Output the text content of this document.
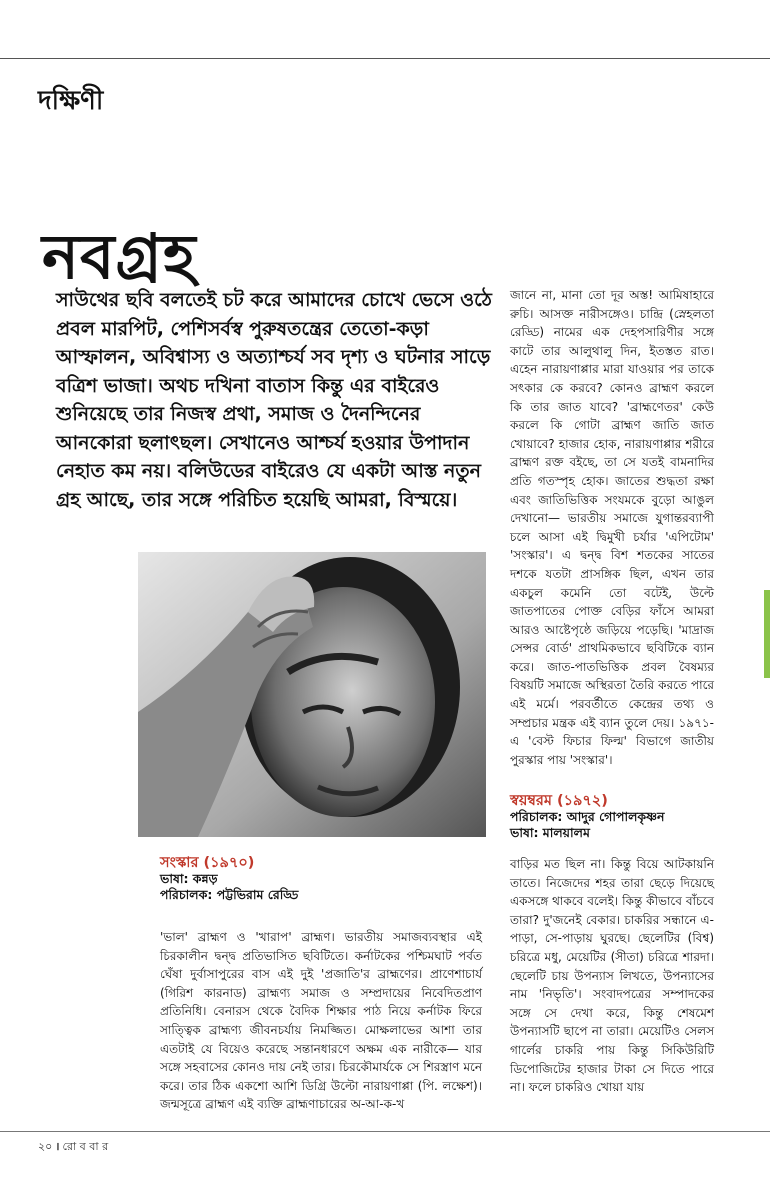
দক্ষিণী
নবগ্রহ

সাউথের ছবি বলতেই চট করে আমাদের চোখে ভেসে ওঠে প্রবল মারপিট, পেশিসর্বস্ব পুরুষতন্ত্রের তেতো-কড়া আস্ফালন, অবিশ্বাস্য ও অত্যাশ্চর্য সব দৃশ্য ও ঘটনার সাড়ে বত্রিশ ভাজা। অথচ দখিনা বাতাস কিন্তু এর বাইরেও শুনিয়েছে তার নিজস্ব প্রথা, সমাজ ও দৈনন্দিনের আনকোরা ছলাৎছল। সেখানেও আশ্চর্য হওয়ার উপাদান নেহাত কম নয়। বলিউডের বাইরেও যে একটা আস্ত নতুন গ্রহ আছে, তার সঙ্গে পরিচিত হয়েছি আমরা, বিস্ময়ে।

জানে না, মানা তো দূর অস্ত! আমিষাহারে রুচি। আসক্ত নারীসঙ্গেও। চান্দ্রি (স্নেহলতা রেড্ডি) নামের এক দেহপসারিণীর সঙ্গে কাটে তার আলুথালু দিন, ইতস্তত রাত। এহেন নারায়ণাপ্পার মারা যাওয়ার পর তাকে সৎকার কে করবে? কোনও ব্রাহ্মণ করলে কি তার জাত যাবে? 'ব্রাহ্মণেতর' কেউ করলে কি গোটা ব্রাহ্মণ জাতি জাত খোয়াবে? হাজার হোক, নারায়ণাপ্পার শরীরে ব্রাহ্মণ রক্ত বইছে, তা সে যতই বামনাদির প্রতি গতস্পৃহ হোক। জাতের শুদ্ধতা রক্ষা এবং জাতিভিত্তিক সংযমকে বুড়ো আঙুল দেখানো— ভারতীয় সমাজে যুগান্তরব্যাপী চলে আসা এই দ্বিমুখী চর্যার 'এপিটোম' 'সংস্কার'। এ দ্বন্দ্ব বিশ শতকের সাতের দশকে যতটা প্রাসঙ্গিক ছিল, এখন তার একচুল কমেনি তো বটেই, উল্টে জাতপাতের পোক্ত বেড়ির ফাঁসে আমরা আরও আষ্টেপৃষ্ঠে জড়িয়ে পড়েছি। 'মাদ্রাজ সেন্সর বোর্ড' প্রাথমিকভাবে ছবিটিকে ব্যান করে। জাত-পাতভিত্তিক প্রবল বৈষম্যর বিষয়টি সমাজে অস্থিরতা তৈরি করতে পারে এই মর্মে। পরবর্তীতে কেন্দ্রের তথ্য ও সম্প্রচার মন্ত্রক এই ব্যান তুলে দেয়। ১৯৭১-এ 'বেস্ট ফিচার ফিল্ম' বিভাগে জাতীয় পুরস্কার পায় 'সংস্কার'।

সংস্কার (১৯৭০)
ভাষা: কন্নড়
পরিচালক: পট্টভিরাম রেড্ডি
স্বয়ম্বরম (১৯৭২)
পরিচালক: আদুর গোপালকৃষ্ণন
ভাষা: মালয়ালম

'ভাল' ব্রাহ্মণ ও 'খারাপ' ব্রাহ্মণ। ভারতীয় সমাজব্যবস্থার এই চিরকালীন দ্বন্দ্ব প্রতিভাসিত ছবিটিতে। কর্নাটকের পশ্চিমঘাট পর্বত ঘেঁষা দুর্বাসাপুরের বাস এই দুই 'প্রজাতি'র ব্রাহ্মণের। প্রাণেশাচার্য (গিরিশ কারনাড) ব্রাহ্মণ্য সমাজ ও সম্প্রদায়ের নিবেদিতপ্রাণ প্রতিনিধি। বেনারস থেকে বৈদিক শিক্ষার পাঠ নিয়ে কর্নাটক ফিরে সাত্ত্বিক ব্রাহ্মণ্য জীবনচর্যায় নিমজ্জিত। মোক্ষলাভের আশা তার এতটাই যে বিয়েও করেছে সন্তানধারণে অক্ষম এক নারীকে— যার সঙ্গে সহবাসের কোনও দায় নেই তার। চিরকৌমার্যকে সে শিরস্ত্রাণ মনে করে। তার ঠিক একশো আশি ডিগ্রি উল্টো নারায়ণাপ্পা (পি. লক্ষেশ)। জন্মসূত্রে ব্রাহ্মণ এই ব্যক্তি ব্রাহ্মণাচারের অ-আ-ক-খ

বাড়ির মত ছিল না। কিন্তু বিয়ে আটকায়নি তাতে। নিজেদের শহর তারা ছেড়ে দিয়েছে একসঙ্গে থাকবে বলেই। কিন্তু কীভাবে বাঁচবে তারা? দু'জনেই বেকার। চাকরির সন্ধানে এ-পাড়া, সে-পাড়ায় ঘুরছে। ছেলেটির (বিশ্ব) চরিত্রে মধু, মেয়েটির (সীতা) চরিত্রে শারদা। ছেলেটি চায় উপন্যাস লিখতে, উপন্যাসের নাম 'নিভৃতি'। সংবাদপত্রের সম্পাদকের সঙ্গে সে দেখা করে, কিন্তু শেষমেশ উপন্যাসটি ছাপে না তারা। মেয়েটিও সেলস গার্লের চাকরি পায় কিন্তু সিকিউরিটি ডিপোজিটের হাজার টাকা সে দিতে পারে না। ফলে চাকরিও খোয়া যায়

২০ । রো ব বা র
